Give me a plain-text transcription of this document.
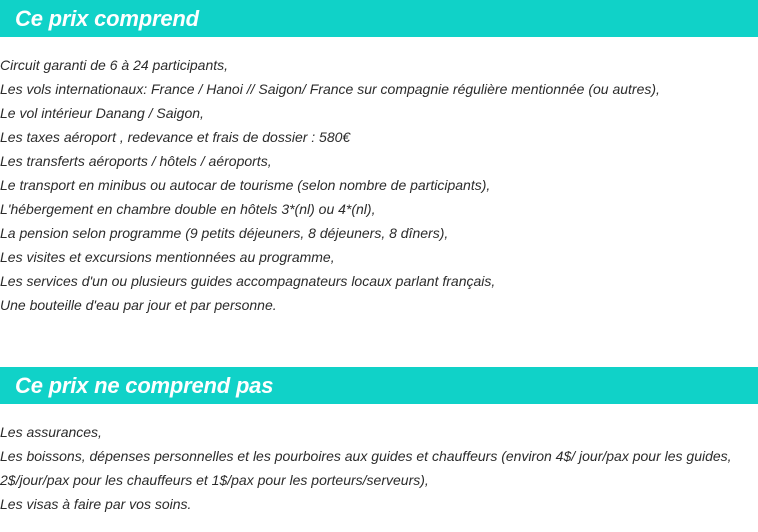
Ce prix comprend
Circuit garanti de 6 à 24 participants,
Les vols internationaux: France / Hanoi // Saigon/ France sur compagnie régulière mentionnée (ou autres),
Le vol intérieur Danang / Saigon,
Les taxes aéroport , redevance et frais de dossier : 580€
Les transferts aéroports / hôtels / aéroports,
Le transport en minibus ou autocar de tourisme (selon nombre de participants),
L'hébergement en chambre double en hôtels 3*(nl) ou 4*(nl),
La pension selon programme (9 petits déjeuners, 8 déjeuners, 8 dîners),
Les visites et excursions mentionnées au programme,
Les services d'un ou plusieurs guides accompagnateurs locaux parlant français,
Une bouteille d'eau par jour et par personne.
Ce prix ne comprend pas
Les assurances,
Les boissons, dépenses personnelles et les pourboires aux guides et chauffeurs (environ 4$/ jour/pax pour les guides,
2$/jour/pax pour les chauffeurs et 1$/pax pour les porteurs/serveurs),
Les visas à faire par vos soins.
